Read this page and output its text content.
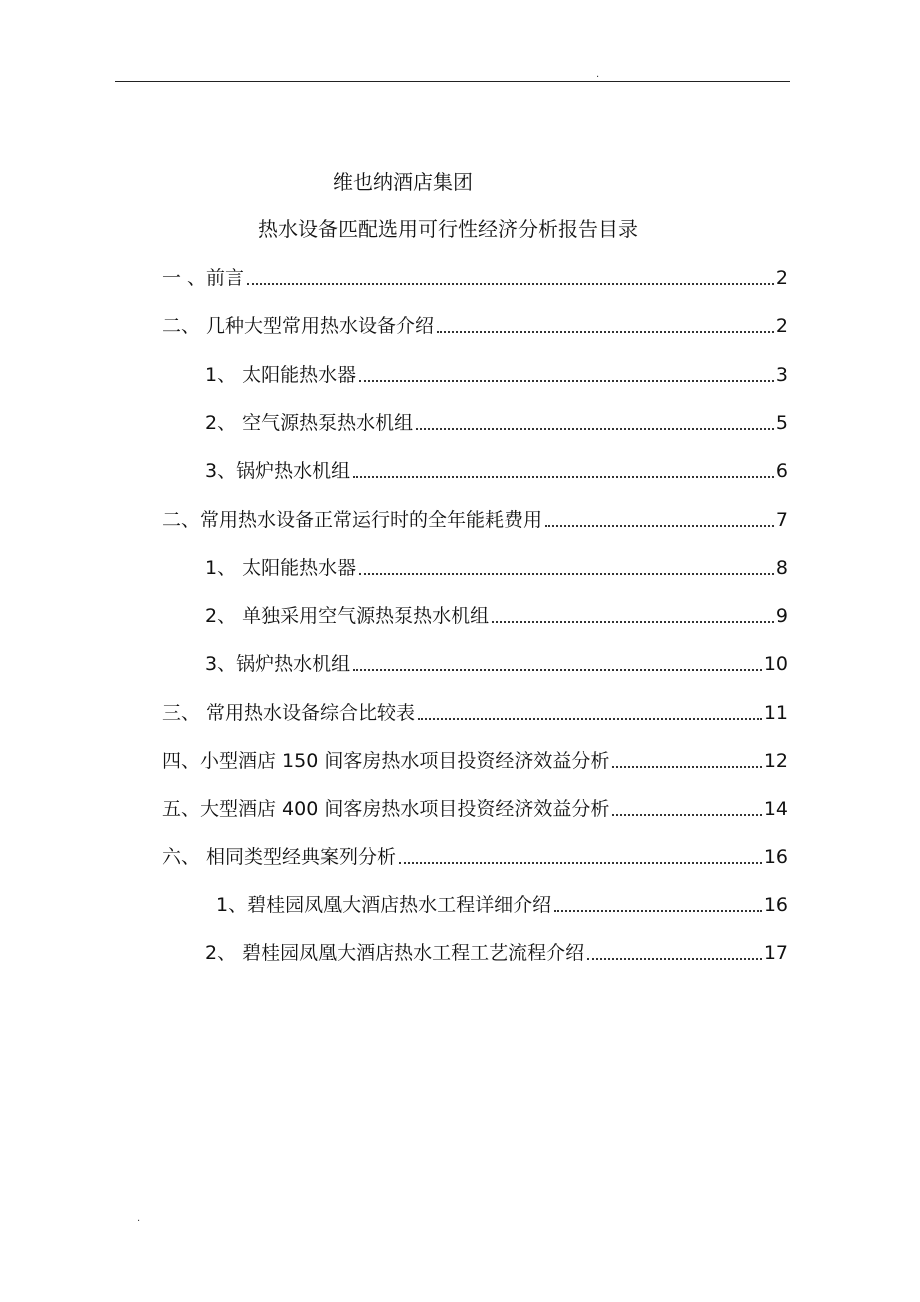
.
维也纳酒店集团
热水设备匹配选用可行性经济分析报告目录
一 、前言	2
二、 几种大型常用热水设备介绍	2
1、 太阳能热水器	3
2、 空气源热泵热水机组	5
3、锅炉热水机组	6
二、常用热水设备正常运行时的全年能耗费用	7
1、 太阳能热水器	8
2、 单独采用空气源热泵热水机组	9
3、锅炉热水机组	10
三、 常用热水设备综合比较表	11
四、小型酒店 150 间客房热水项目投资经济效益分析	12
五、大型酒店 400 间客房热水项目投资经济效益分析	14
六、 相同类型经典案列分析	16
1、碧桂园凤凰大酒店热水工程详细介绍	16
2、 碧桂园凤凰大酒店热水工程工艺流程介绍	17
.
